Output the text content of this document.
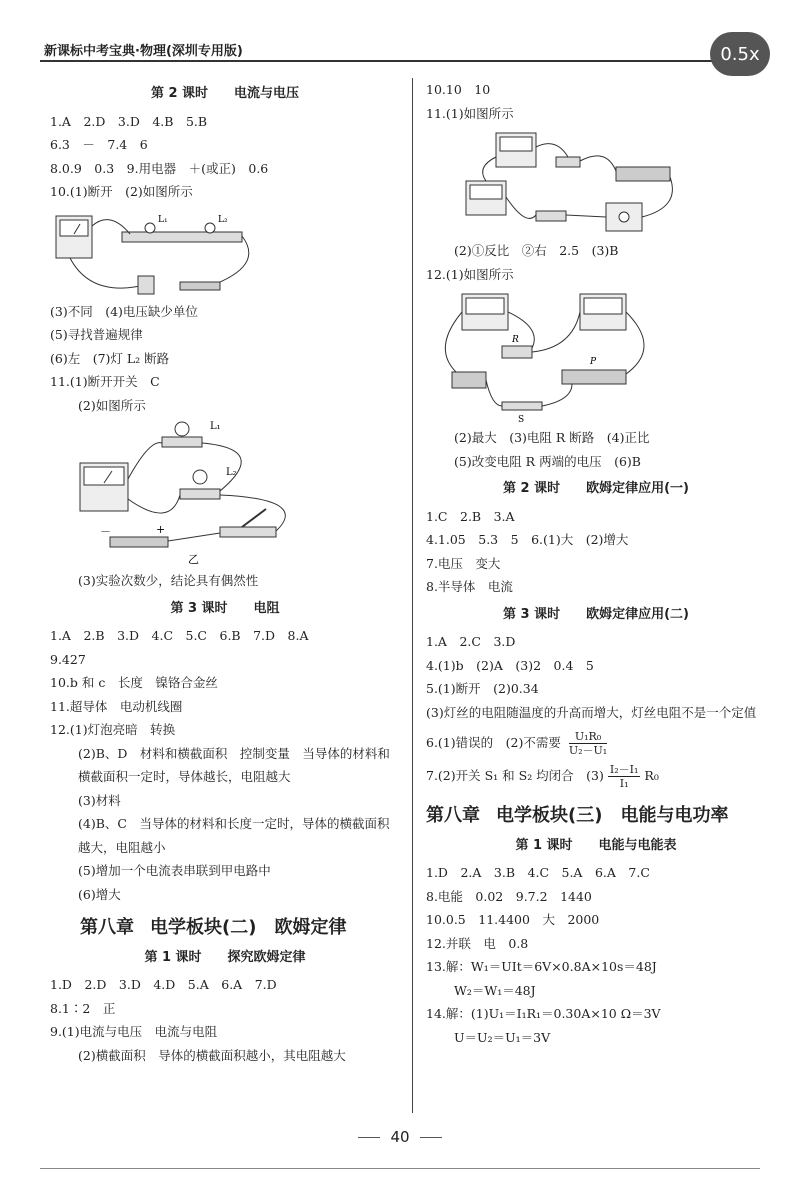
新课标中考宝典·物理(深圳专用版)	0.5x
第 2 课时　　电流与电压
1.A　2.D　3.D　4.B　5.B
6.3　－　7.4　6
8.0.9　0.3　9.用电器　＋(或正)　0.6
10.(1)断开　(2)如图所示
L₁	L₂
(3)不同　(4)电压缺少单位
(5)寻找普遍规律
(6)左　(7)灯 L₂ 断路
11.(1)断开开关　C
(2)如图所示
L₁
L₂
－	+
乙
(3)实验次数少，结论具有偶然性
第 3 课时　　电阻
1.A　2.B　3.D　4.C　5.C　6.B　7.D　8.A
9.427
10.b 和 c　长度　镍铬合金丝
11.超导体　电动机线圈
12.(1)灯泡亮暗　转换
(2)B、D　材料和横截面积　控制变量　当导体的材料和横截面积一定时，导体越长，电阻越大
(3)材料
(4)B、C　当导体的材料和长度一定时，导体的横截面积越大，电阻越小
(5)增加一个电流表串联到甲电路中
(6)增大
第八章 电学板块(二)　欧姆定律
第 1 课时　　探究欧姆定律
1.D　2.D　3.D　4.D　5.A　6.A　7.D
8.1∶2　正
9.(1)电流与电压　电流与电阻
(2)横截面积　导体的横截面积越小，其电阻越大
10.10　10
11.(1)如图所示
(2)①反比　②右　2.5　(3)B
12.(1)如图所示
R
P
S
(2)最大　(3)电阻 R 断路　(4)正比
(5)改变电阻 R 两端的电压　(6)B
第 2 课时　　欧姆定律应用(一)
1.C　2.B　3.A
4.1.05　5.3　5　6.(1)大　(2)增大
7.电压　变大
8.半导体　电流
第 3 课时　　欧姆定律应用(二)
1.A　2.C　3.D
4.(1)b　(2)A　(3)2　0.4　5
5.(1)断开　(2)0.34
(3)灯丝的电阻随温度的升高而增大，灯丝电阻不是一个定值
6.(1)错误的　(2)不需要 $\frac{\text{U₁R₀}}{\text{U₂－U₁}}$
7.(2)开关 S₁ 和 S₂ 均闭合　$(3) \frac{\text{I₂－I₁}}{\text{I₁}} R_0$
第八章 电学板块(三)　电能与电功率
第 1 课时　　电能与电能表
1.D　2.A　3.B　4.C　5.A　6.A　7.C
8.电能　0.02　9.7.2　1440
10.0.5　11.4400　大　2000
12.并联　电　0.8
13.解：W₁＝UIt＝6V×0.8A×10s＝48J
W₂＝W₁＝48J
14.解：(1)U₁＝I₁R₁＝0.30A×10 Ω＝3V
U＝U₂＝U₁＝3V
40
